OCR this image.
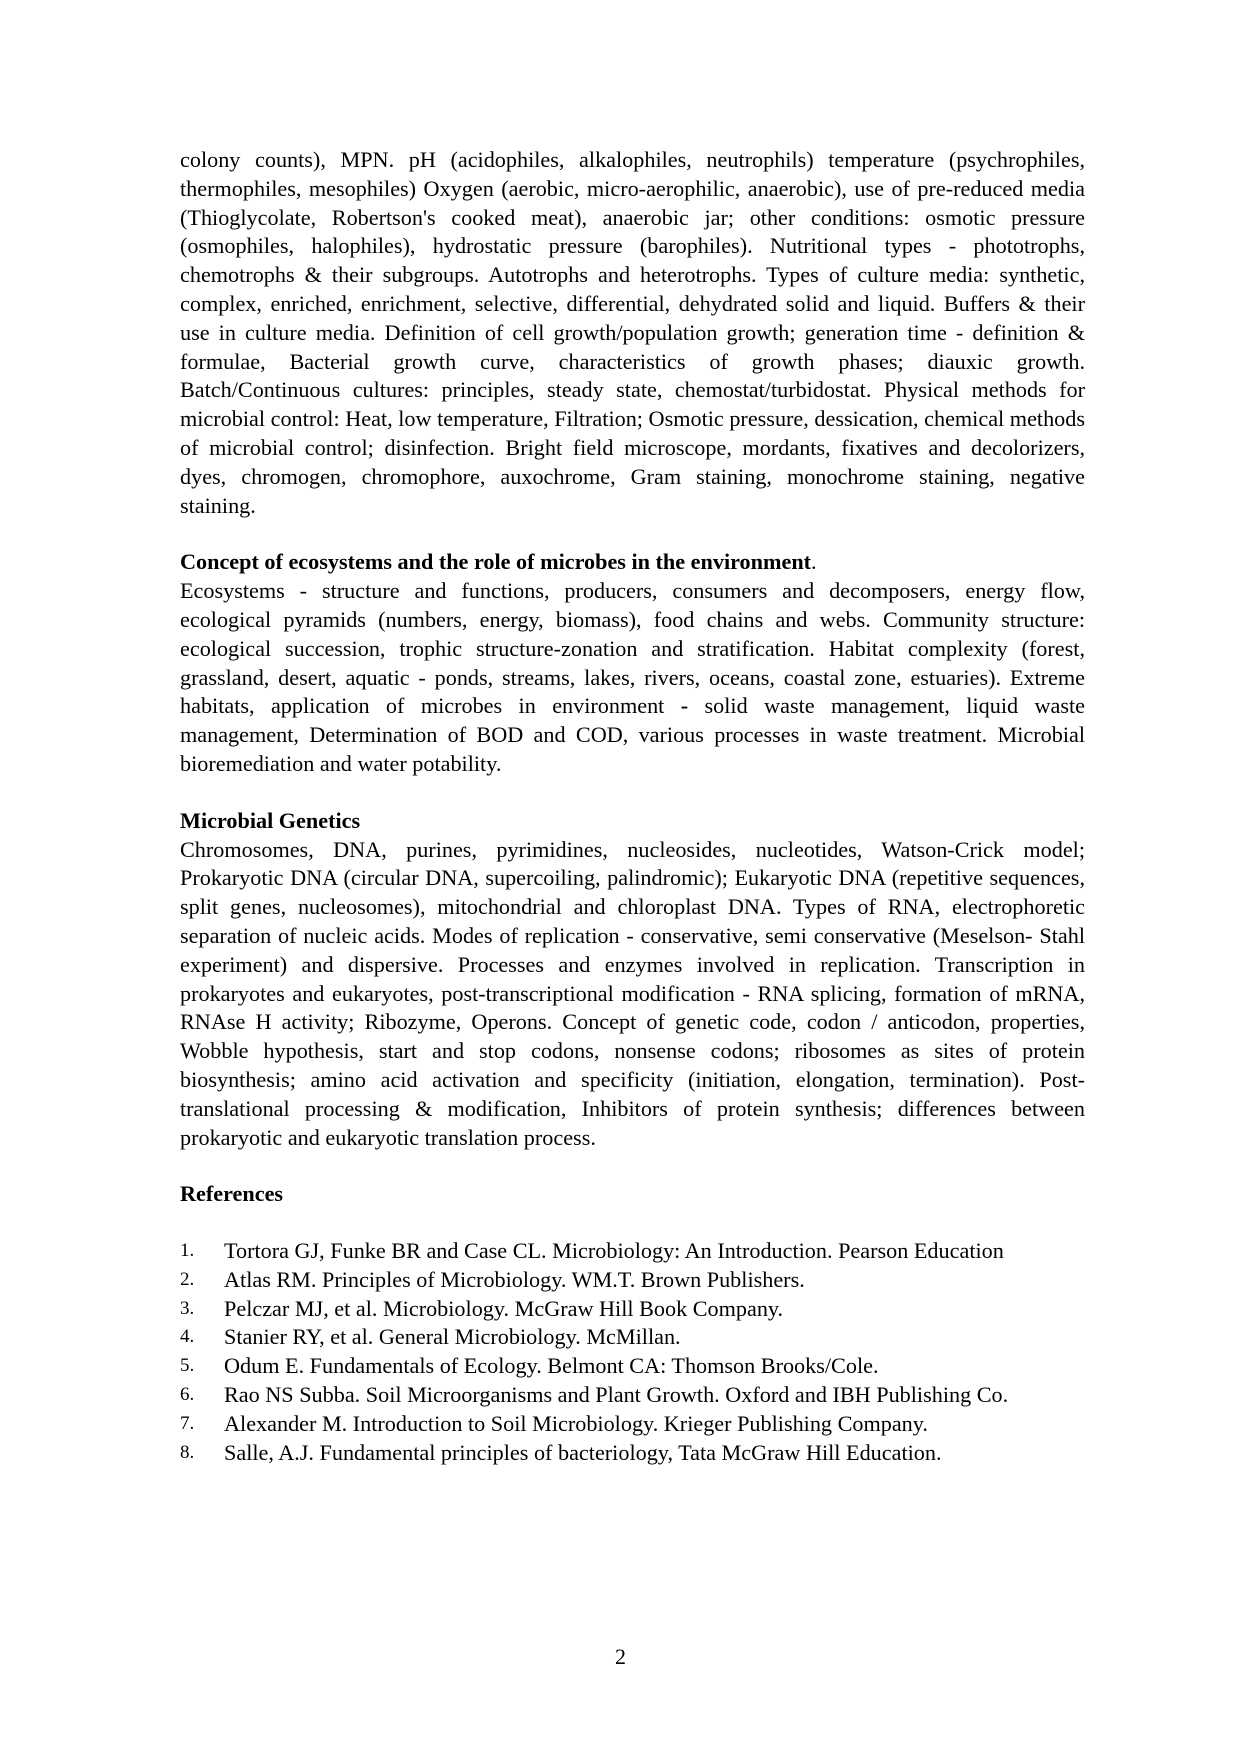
colony counts), MPN. pH (acidophiles, alkalophiles, neutrophils) temperature (psychrophiles, thermophiles, mesophiles) Oxygen (aerobic, micro-aerophilic, anaerobic), use of pre-reduced media (Thioglycolate, Robertson's cooked meat), anaerobic jar; other conditions: osmotic pressure (osmophiles, halophiles), hydrostatic pressure (barophiles). Nutritional types - phototrophs, chemotrophs & their subgroups. Autotrophs and heterotrophs. Types of culture media: synthetic, complex, enriched, enrichment, selective, differential, dehydrated solid and liquid. Buffers & their use in culture media. Definition of cell growth/population growth; generation time - definition & formulae, Bacterial growth curve, characteristics of growth phases; diauxic growth. Batch/Continuous cultures: principles, steady state, chemostat/turbidostat. Physical methods for microbial control: Heat, low temperature, Filtration; Osmotic pressure, dessication, chemical methods of microbial control; disinfection. Bright field microscope, mordants, fixatives and decolorizers, dyes, chromogen, chromophore, auxochrome, Gram staining, monochrome staining, negative staining.

Concept of ecosystems and the role of microbes in the environment.

Ecosystems - structure and functions, producers, consumers and decomposers, energy flow, ecological pyramids (numbers, energy, biomass), food chains and webs. Community structure: ecological succession, trophic structure-zonation and stratification. Habitat complexity (forest, grassland, desert, aquatic - ponds, streams, lakes, rivers, oceans, coastal zone, estuaries). Extreme habitats, application of microbes in environment - solid waste management, liquid waste management, Determination of BOD and COD, various processes in waste treatment. Microbial bioremediation and water potability.

Microbial Genetics

Chromosomes, DNA, purines, pyrimidines, nucleosides, nucleotides, Watson-Crick model; Prokaryotic DNA (circular DNA, supercoiling, palindromic); Eukaryotic DNA (repetitive sequences, split genes, nucleosomes), mitochondrial and chloroplast DNA. Types of RNA, electrophoretic separation of nucleic acids. Modes of replication - conservative, semi conservative (Meselson- Stahl experiment) and dispersive. Processes and enzymes involved in replication. Transcription in prokaryotes and eukaryotes, post-transcriptional modification - RNA splicing, formation of mRNA, RNAse H activity; Ribozyme, Operons. Concept of genetic code, codon / anticodon, properties, Wobble hypothesis, start and stop codons, nonsense codons; ribosomes as sites of protein biosynthesis; amino acid activation and specificity (initiation, elongation, termination). Post-translational processing & modification, Inhibitors of protein synthesis; differences between prokaryotic and eukaryotic translation process.

References

1. Tortora GJ, Funke BR and Case CL. Microbiology: An Introduction. Pearson Education
2. Atlas RM. Principles of Microbiology. WM.T. Brown Publishers.
3. Pelczar MJ, et al. Microbiology. McGraw Hill Book Company.
4. Stanier RY, et al. General Microbiology. McMillan.
5. Odum E. Fundamentals of Ecology. Belmont CA: Thomson Brooks/Cole.
6. Rao NS Subba. Soil Microorganisms and Plant Growth. Oxford and IBH Publishing Co.
7. Alexander M. Introduction to Soil Microbiology. Krieger Publishing Company.
8. Salle, A.J. Fundamental principles of bacteriology, Tata McGraw Hill Education.
2
